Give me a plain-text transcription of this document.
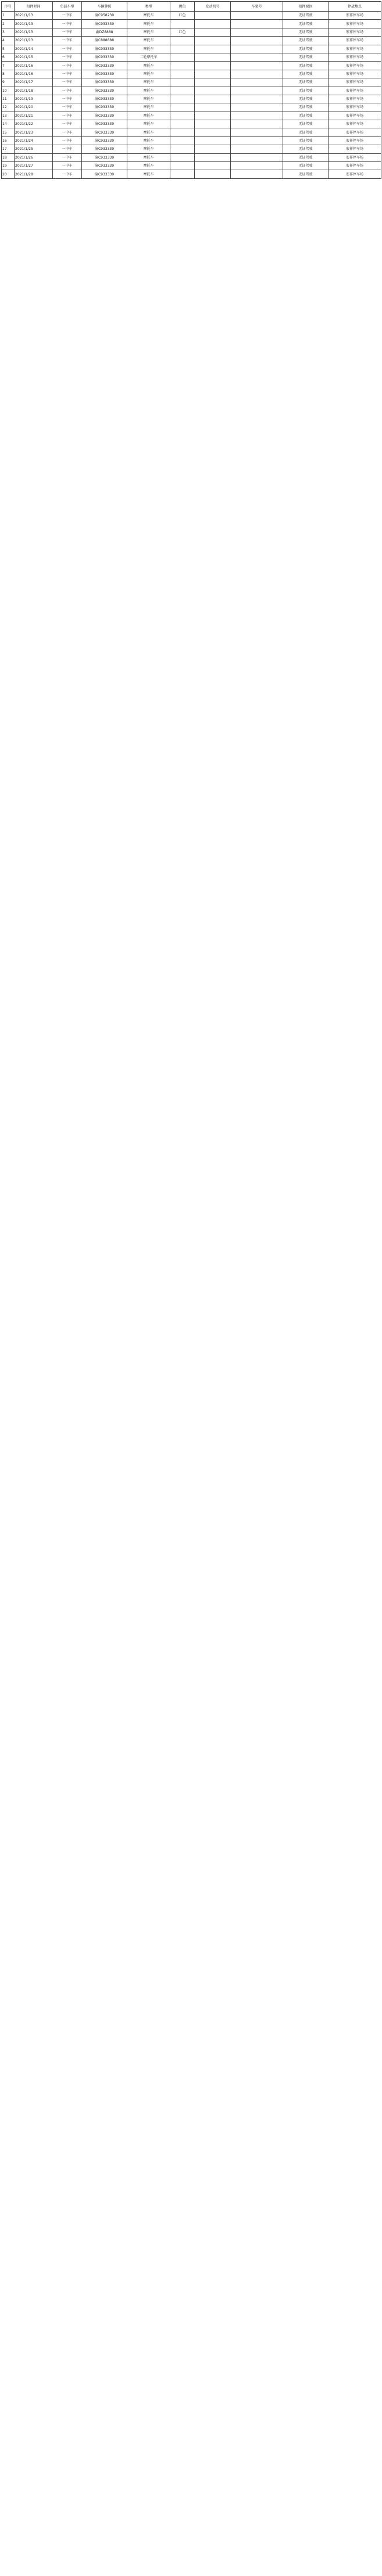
序号	扣押时间	负载车型	车辆牌照	类型	颜色	发动机号	车架号	扣押原因	停放地点
1	2021/1/13	一中车	渝C958239	摩托车	红色			无证驾驶	宏祥停车场
2	2021/1/13	一中车	渝C933339	摩托车				无证驾驶	宏祥停车场
3	2021/1/13	一中车	渝DZ8888	摩托车	红色			无证驾驶	宏祥停车场
4	2021/1/13	一中车	渝C888888	摩托车				无证驾驶	宏祥停车场
5	2021/1/14	一中车	渝C933339	摩托车				无证驾驶	宏祥停车场
6	2021/1/15	一中车	渝C933339	二轮摩托车				无证驾驶	宏祥停车场
7	2021/1/16	一中车	渝C933339	摩托车				无证驾驶	宏祥停车场
8	2021/1/16	一中车	渝C933339	摩托车				无证驾驶	宏祥停车场
9	2021/1/17	一中车	渝C933339	摩托车				无证驾驶	宏祥停车场
10	2021/1/18	一中车	渝C933339	摩托车				无证驾驶	宏祥停车场
11	2021/1/19	一中车	渝C933339	摩托车				无证驾驶	宏祥停车场
12	2021/1/20	一中车	渝C933339	摩托车				无证驾驶	宏祥停车场
13	2021/1/21	一中车	渝C933339	摩托车				无证驾驶	宏祥停车场
14	2021/1/22	一中车	渝C933339	摩托车				无证驾驶	宏祥停车场
15	2021/1/23	一中车	渝C933339	摩托车				无证驾驶	宏祥停车场
16	2021/1/24	一中车	渝C933339	摩托车				无证驾驶	宏祥停车场
17	2021/1/25	一中车	渝C933339	摩托车				无证驾驶	宏祥停车场
18	2021/1/26	一中车	渝C933339	摩托车				无证驾驶	宏祥停车场
19	2021/1/27	一中车	渝C933339	摩托车				无证驾驶	宏祥停车场
20	2021/1/28	一中车	渝C933339	摩托车				无证驾驶	宏祥停车场
